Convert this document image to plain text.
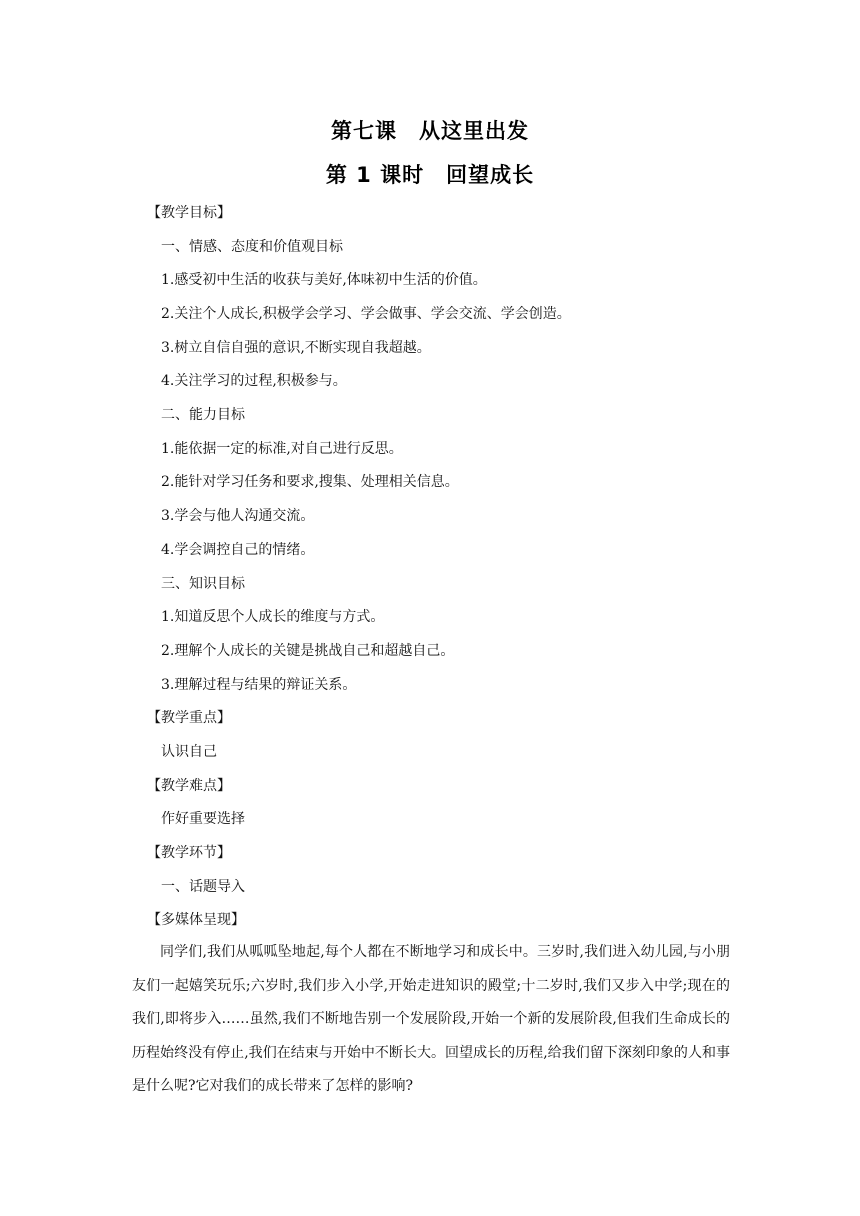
第七课　从这里出发
第 1 课时　回望成长
【教学目标】
一、情感、态度和价值观目标
1.感受初中生活的收获与美好,体味初中生活的价值。
2.关注个人成长,积极学会学习、学会做事、学会交流、学会创造。
3.树立自信自强的意识,不断实现自我超越。
4.关注学习的过程,积极参与。
二、能力目标
1.能依据一定的标准,对自己进行反思。
2.能针对学习任务和要求,搜集、处理相关信息。
3.学会与他人沟通交流。
4.学会调控自己的情绪。
三、知识目标
1.知道反思个人成长的维度与方式。
2.理解个人成长的关键是挑战自己和超越自己。
3.理解过程与结果的辩证关系。
【教学重点】
认识自己
【教学难点】
作好重要选择
【教学环节】
一、话题导入
【多媒体呈现】
同学们,我们从呱呱坠地起,每个人都在不断地学习和成长中。三岁时,我们进入幼儿园,与小朋友们一起嬉笑玩乐;六岁时,我们步入小学,开始走进知识的殿堂;十二岁时,我们又步入中学;现在的我们,即将步入……虽然,我们不断地告别一个发展阶段,开始一个新的发展阶段,但我们生命成长的历程始终没有停止,我们在结束与开始中不断长大。回望成长的历程,给我们留下深刻印象的人和事是什么呢?它对我们的成长带来了怎样的影响?
